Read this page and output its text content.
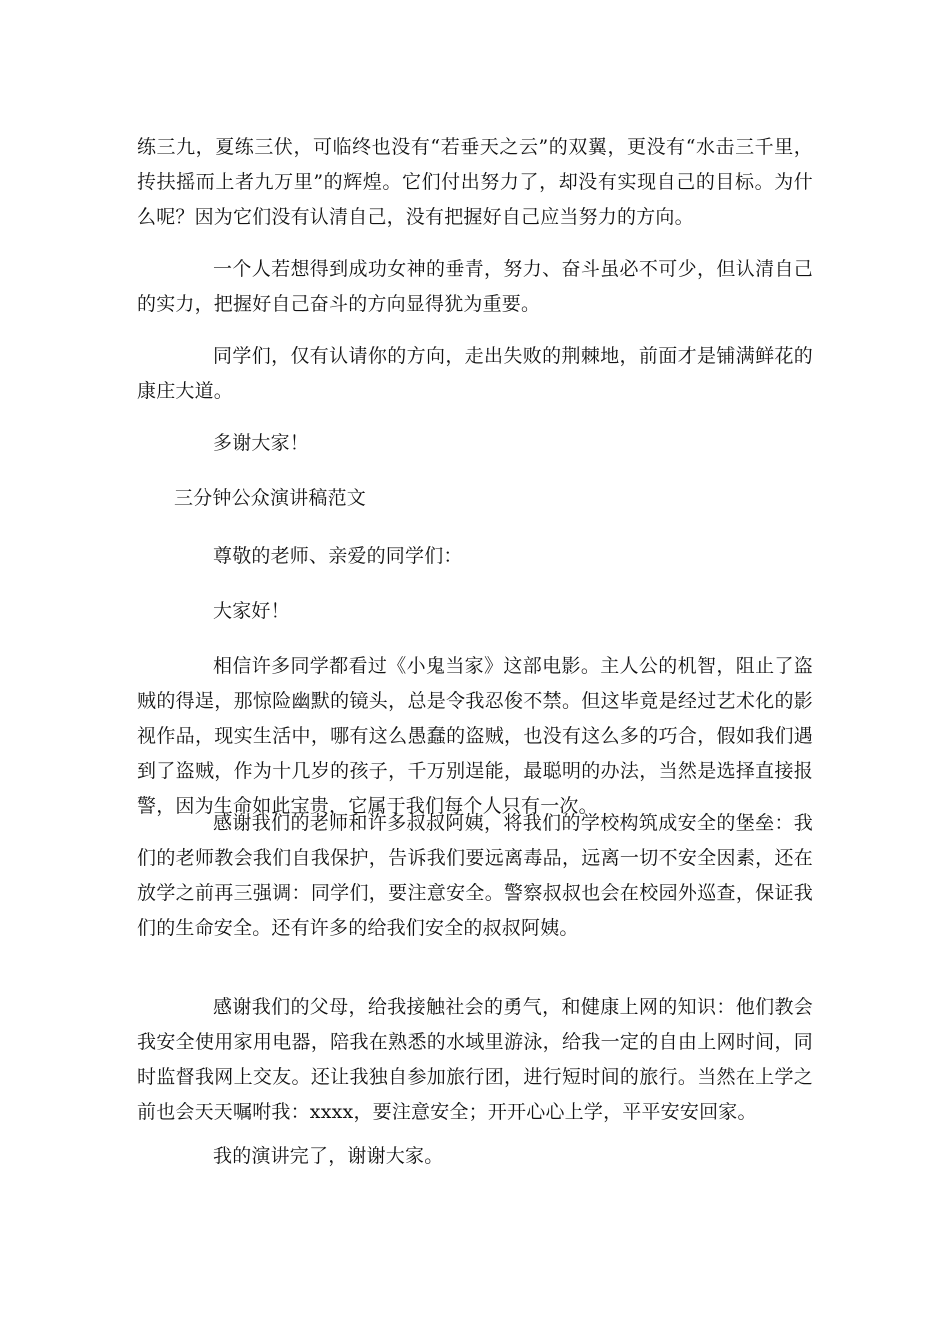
练三九，夏练三伏，可临终也没有“若垂天之云”的双翼，更没有“水击三千里，抟扶摇而上者九万里”的辉煌。它们付出努力了，却没有实现自己的目标。为什么呢？因为它们没有认清自己，没有把握好自己应当努力的方向。

一个人若想得到成功女神的垂青，努力、奋斗虽必不可少，但认清自己的实力，把握好自己奋斗的方向显得犹为重要。

同学们，仅有认请你的方向，走出失败的荆棘地，前面才是铺满鲜花的康庄大道。

多谢大家！

三分钟公众演讲稿范文

尊敬的老师、亲爱的同学们：

大家好！

相信许多同学都看过《小鬼当家》这部电影。主人公的机智，阻止了盗贼的得逞，那惊险幽默的镜头，总是令我忍俊不禁。但这毕竟是经过艺术化的影视作品，现实生活中，哪有这么愚蠢的盗贼，也没有这么多的巧合，假如我们遇到了盗贼，作为十几岁的孩子，千万别逞能，最聪明的办法，当然是选择直接报警，因为生命如此宝贵，它属于我们每个人只有一次。

感谢我们的老师和许多叔叔阿姨，将我们的学校构筑成安全的堡垒：我们的老师教会我们自我保护，告诉我们要远离毒品，远离一切不安全因素，还在放学之前再三强调：同学们，要注意安全。警察叔叔也会在校园外巡查，保证我们的生命安全。还有许多的给我们安全的叔叔阿姨。

感谢我们的父母，给我接触社会的勇气，和健康上网的知识：他们教会我安全使用家用电器，陪我在熟悉的水域里游泳，给我一定的自由上网时间，同时监督我网上交友。还让我独自参加旅行团，进行短时间的旅行。当然在上学之前也会天天嘱咐我：xxxx，要注意安全；开开心心上学，平平安安回家。

我的演讲完了，谢谢大家。
